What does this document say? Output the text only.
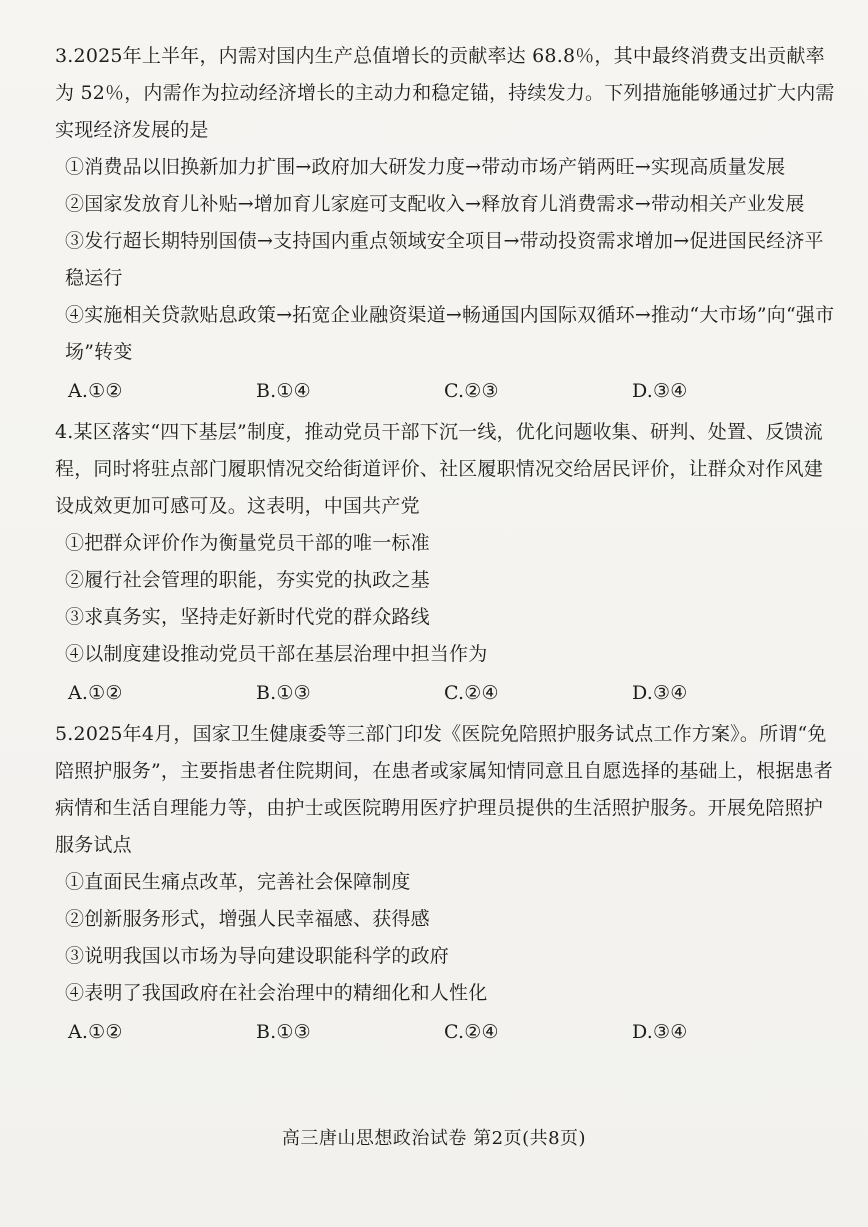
3.2025年上半年，内需对国内生产总值增长的贡献率达 68.8％，其中最终消费支出贡献率为 52％，内需作为拉动经济增长的主动力和稳定锚，持续发力。下列措施能够通过扩大内需实现经济发展的是

①消费品以旧换新加力扩围→政府加大研发力度→带动市场产销两旺→实现高质量发展

②国家发放育儿补贴→增加育儿家庭可支配收入→释放育儿消费需求→带动相关产业发展

③发行超长期特别国债→支持国内重点领域安全项目→带动投资需求增加→促进国民经济平稳运行

④实施相关贷款贴息政策→拓宽企业融资渠道→畅通国内国际双循环→推动“大市场”向“强市场”转变

A.①②	B.①④	C.②③	D.③④

4.某区落实“四下基层”制度，推动党员干部下沉一线，优化问题收集、研判、处置、反馈流程，同时将驻点部门履职情况交给街道评价、社区履职情况交给居民评价，让群众对作风建设成效更加可感可及。这表明，中国共产党

①把群众评价作为衡量党员干部的唯一标准

②履行社会管理的职能，夯实党的执政之基

③求真务实，坚持走好新时代党的群众路线

④以制度建设推动党员干部在基层治理中担当作为

A.①②	B.①③	C.②④	D.③④

5.2025年4月，国家卫生健康委等三部门印发《医院免陪照护服务试点工作方案》。所谓“免陪照护服务”，主要指患者住院期间，在患者或家属知情同意且自愿选择的基础上，根据患者病情和生活自理能力等，由护士或医院聘用医疗护理员提供的生活照护服务。开展免陪照护服务试点

①直面民生痛点改革，完善社会保障制度

②创新服务形式，增强人民幸福感、获得感

③说明我国以市场为导向建设职能科学的政府

④表明了我国政府在社会治理中的精细化和人性化

A.①②	B.①③	C.②④	D.③④
高三唐山思想政治试卷 第2页(共8页)
